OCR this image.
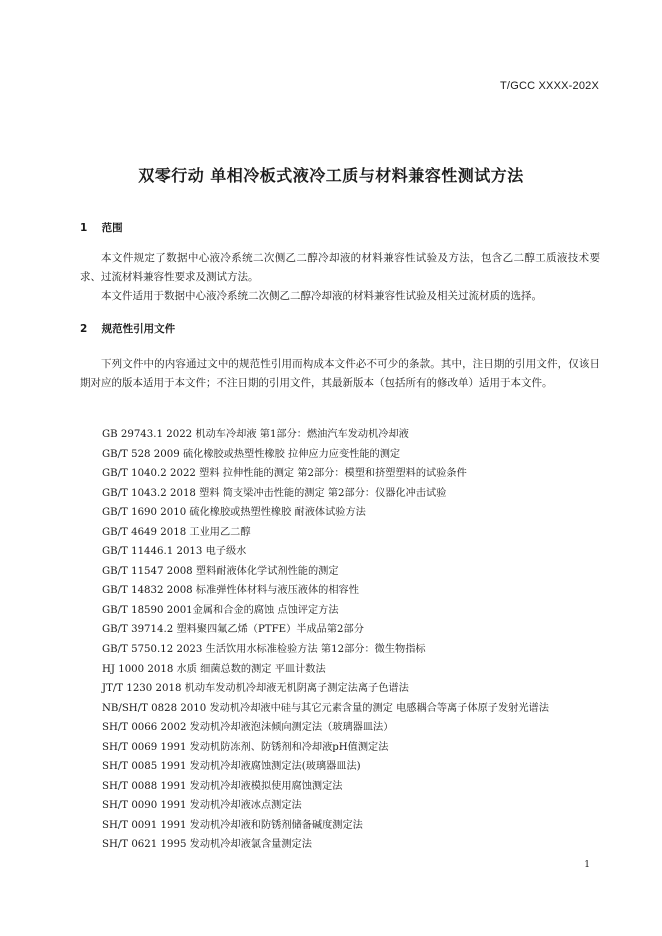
T/GCC XXXX-202X
双零行动 单相冷板式液冷工质与材料兼容性测试方法
1 范围

本文件规定了数据中心液冷系统二次侧乙二醇冷却液的材料兼容性试验及方法，包含乙二醇工质液技术要求、过流材料兼容性要求及测试方法。

本文件适用于数据中心液冷系统二次侧乙二醇冷却液的材料兼容性试验及相关过流材质的选择。

2 规范性引用文件

下列文件中的内容通过文中的规范性引用而构成本文件必不可少的条款。其中，注日期的引用文件，仅该日期对应的版本适用于本文件；不注日期的引用文件，其最新版本（包括所有的修改单）适用于本文件。

GB 29743.1 2022 机动车冷却液 第1部分：燃油汽车发动机冷却液
GB/T 528 2009 硫化橡胶或热塑性橡胶 拉伸应力应变性能的测定
GB/T 1040.2 2022 塑料 拉伸性能的测定 第2部分：模塑和挤塑塑料的试验条件
GB/T 1043.2 2018 塑料 简支梁冲击性能的测定 第2部分：仪器化冲击试验
GB/T 1690 2010 硫化橡胶或热塑性橡胶 耐液体试验方法
GB/T 4649 2018 工业用乙二醇
GB/T 11446.1 2013 电子级水
GB/T 11547 2008 塑料耐液体化学试剂性能的测定
GB/T 14832 2008 标准弹性体材料与液压液体的相容性
GB/T 18590 2001金属和合金的腐蚀 点蚀评定方法
GB/T 39714.2 塑料聚四氟乙烯（PTFE）半成品第2部分
GB/T 5750.12 2023 生活饮用水标准检验方法 第12部分：微生物指标
HJ 1000 2018 水质 细菌总数的测定 平皿计数法
JT/T 1230 2018 机动车发动机冷却液无机阴离子测定法离子色谱法
NB/SH/T 0828 2010 发动机冷却液中硅与其它元素含量的测定 电感耦合等离子体原子发射光谱法
SH/T 0066 2002 发动机冷却液泡沫倾向测定法（玻璃器皿法）
SH/T 0069 1991 发动机防冻剂、防锈剂和冷却液pH值测定法
SH/T 0085 1991 发动机冷却液腐蚀测定法(玻璃器皿法)
SH/T 0088 1991 发动机冷却液模拟使用腐蚀测定法
SH/T 0090 1991 发动机冷却液冰点测定法
SH/T 0091 1991 发动机冷却液和防锈剂储备碱度测定法
SH/T 0621 1995 发动机冷却液氯含量测定法
1
